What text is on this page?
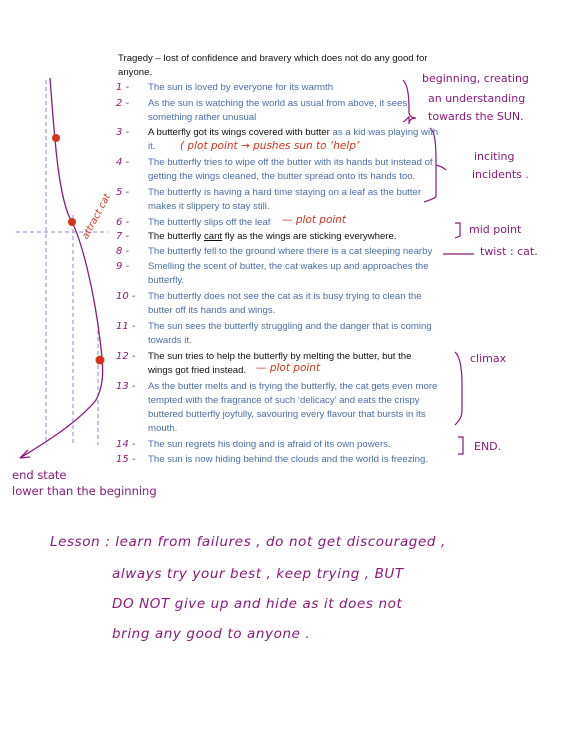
Tragedy – lost of confidence and bravery which does not do any good for
anyone.
1 -	The sun is loved by everyone for its warmth
2 -	As the sun is watching the world as usual from above, it sees
something rather unusual
3 -	A butterfly got its wings covered with butter as a kid was playing with
it.
4 -	The butterfly tries to wipe off the butter with its hands but instead of
getting the wings cleaned, the butter spread onto its hands too.
5 -	The butterfly is having a hard time staying on a leaf as the butter
makes it slippery to stay still.
6 -	The butterfly slips off the leaf
7 -	The butterfly cant fly as the wings are sticking everywhere.
8 -	The butterfly fell to the ground where there is a cat sleeping nearby
9 -	Smelling the scent of butter, the cat wakes up and approaches the
butterfly.
10 - The butterfly does not see the cat as it is busy trying to clean the
butter off its hands and wings.
11 - The sun sees the butterfly struggling and the danger that is coming
towards it.
12 - The sun tries to help the butterfly by melting the butter, but the
wings got fried instead.
13 - As the butter melts and is frying the butterfly, the cat gets even more
tempted with the fragrance of such ‘delicacy’ and eats the crispy
buttered butterfly joyfully, savouring every flavour that bursts in its
mouth.
14 - The sun regrets his doing and is afraid of its own powers.
15 - The sun is now hiding behind the clouds and the world is freezing.
beginning, creating
an understanding
towards the SUN.
inciting
incidents .
mid point
twist : cat.
climax
END.
( plot point → pushes sun to ‘help’
— plot point
— plot point
attract cat
end state
lower than the beginning
Lesson : learn from failures , do not get discouraged ,
always try your best , keep trying , BUT
DO NOT give up and hide as it does not
bring any good to anyone .
